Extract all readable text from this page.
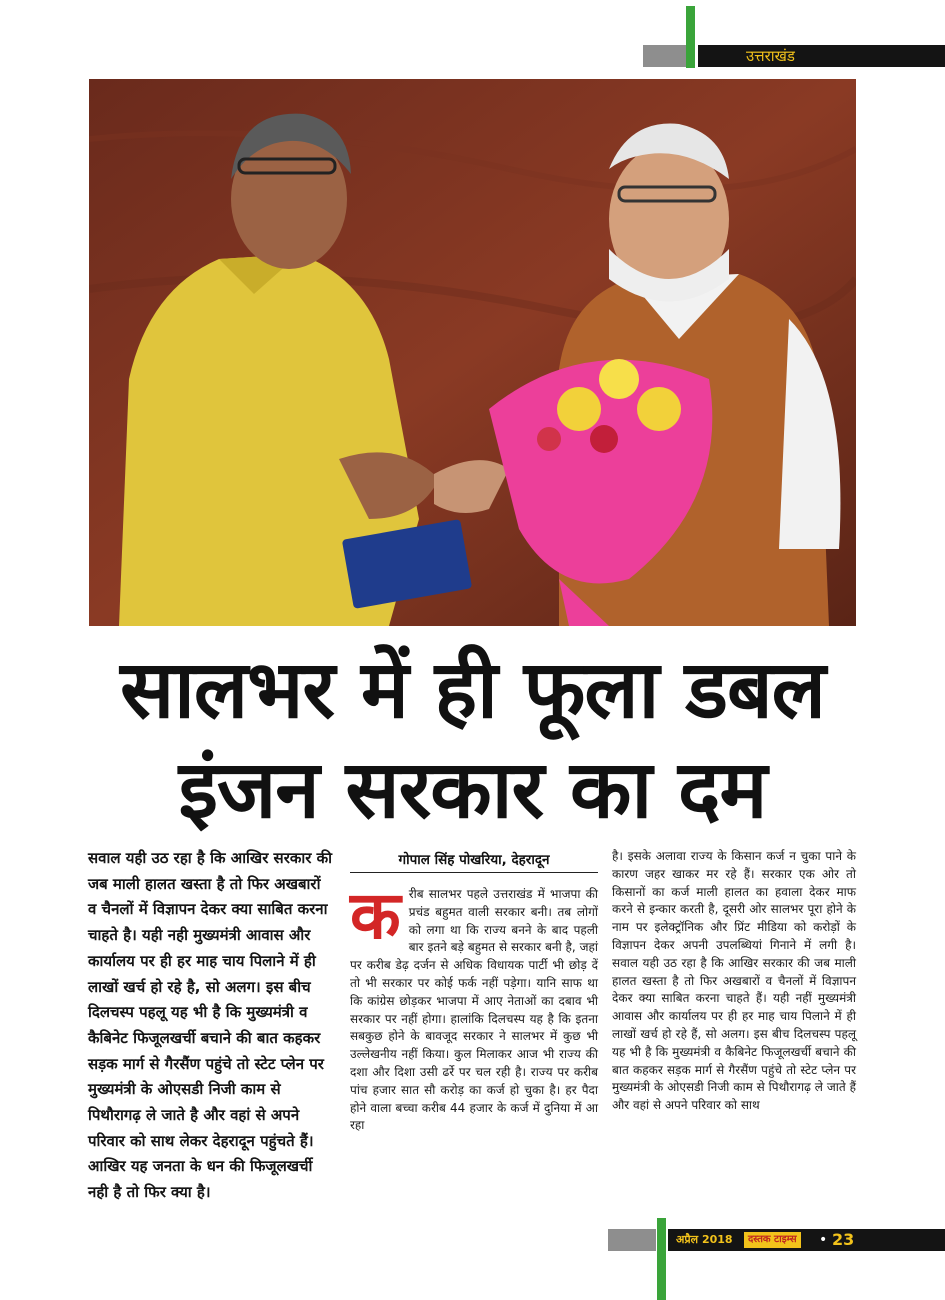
उत्तराखंड
सालभर में ही फूला डबल
इंजन सरकार का दम
सवाल यही उठ रहा है कि आखिर सरकार की जब माली हालत खस्ता है तो फिर अखबारों व चैनलों में विज्ञापन देकर क्या साबित करना चाहते है। यही नही मुख्यमंत्री आवास और कार्यालय पर ही हर माह चाय पिलाने में ही लाखों खर्च हो रहे है, सो अलग। इस बीच दिलचस्प पहलू यह भी है कि मुख्यमंत्री व कैबिनेट फिजूलखर्ची बचाने की बात कहकर सड़क मार्ग से गैरसैंण पहुंचे तो स्टेट प्लेन पर मुख्यमंत्री के ओएसडी निजी काम से पिथौरागढ़ ले जाते है और वहां से अपने परिवार को साथ लेकर देहरादून पहुंचते हैं। आखिर यह जनता के धन की फिजूलखर्ची नही है तो फिर क्या है।
गोपाल सिंह पोखरिया, देहरादून
क रीब सालभर पहले उत्तराखंड में भाजपा की प्रचंड बहुमत वाली सरकार बनी। तब लोगों को लगा था कि राज्य बनने के बाद पहली बार इतने बड़े बहुमत से सरकार बनी है, जहां पर करीब डेढ़ दर्जन से अधिक विधायक पार्टी भी छोड़ दें तो भी सरकार पर कोई फर्क नहीं पड़ेगा। यानि साफ था कि कांग्रेस छोड़कर भाजपा में आए नेताओं का दबाव भी सरकार पर नहीं होगा। हालांकि दिलचस्प यह है कि इतना सबकुछ होने के बावजूद सरकार ने सालभर में कुछ भी उल्लेखनीय नहीं किया। कुल मिलाकर आज भी राज्य की दशा और दिशा उसी ढर्रे पर चल रही है। राज्य पर करीब पांच हजार सात सौ करोड़ का कर्ज हो चुका है। हर पैदा होने वाला बच्चा करीब 44 हजार के कर्ज में दुनिया में आ रहा
है। इसके अलावा राज्य के किसान कर्ज न चुका पाने के कारण जहर खाकर मर रहे हैं। सरकार एक ओर तो किसानों का कर्ज माली हालत का हवाला देकर माफ करने से इन्कार करती है, दूसरी ओर सालभर पूरा होने के नाम पर इलेक्ट्रॉनिक और प्रिंट मीडिया को करोड़ों के विज्ञापन देकर अपनी उपलब्धियां गिनाने में लगी है। सवाल यही उठ रहा है कि आखिर सरकार की जब माली हालत खस्ता है तो फिर अखबारों व चैनलों में विज्ञापन देकर क्या साबित करना चाहते हैं। यही नहीं मुख्यमंत्री आवास और कार्यालय पर ही हर माह चाय पिलाने में ही लाखों खर्च हो रहे हैं, सो अलग। इस बीच दिलचस्प पहलू यह भी है कि मुख्यमंत्री व कैबिनेट फिजूलखर्ची बचाने की बात कहकर सड़क मार्ग से गैरसैंण पहुंचे तो स्टेट प्लेन पर मुख्यमंत्री के ओएसडी निजी काम से पिथौरागढ़ ले जाते हैं और वहां से अपने परिवार को साथ
अप्रैल 2018	दस्तक टाइम्स • 23
